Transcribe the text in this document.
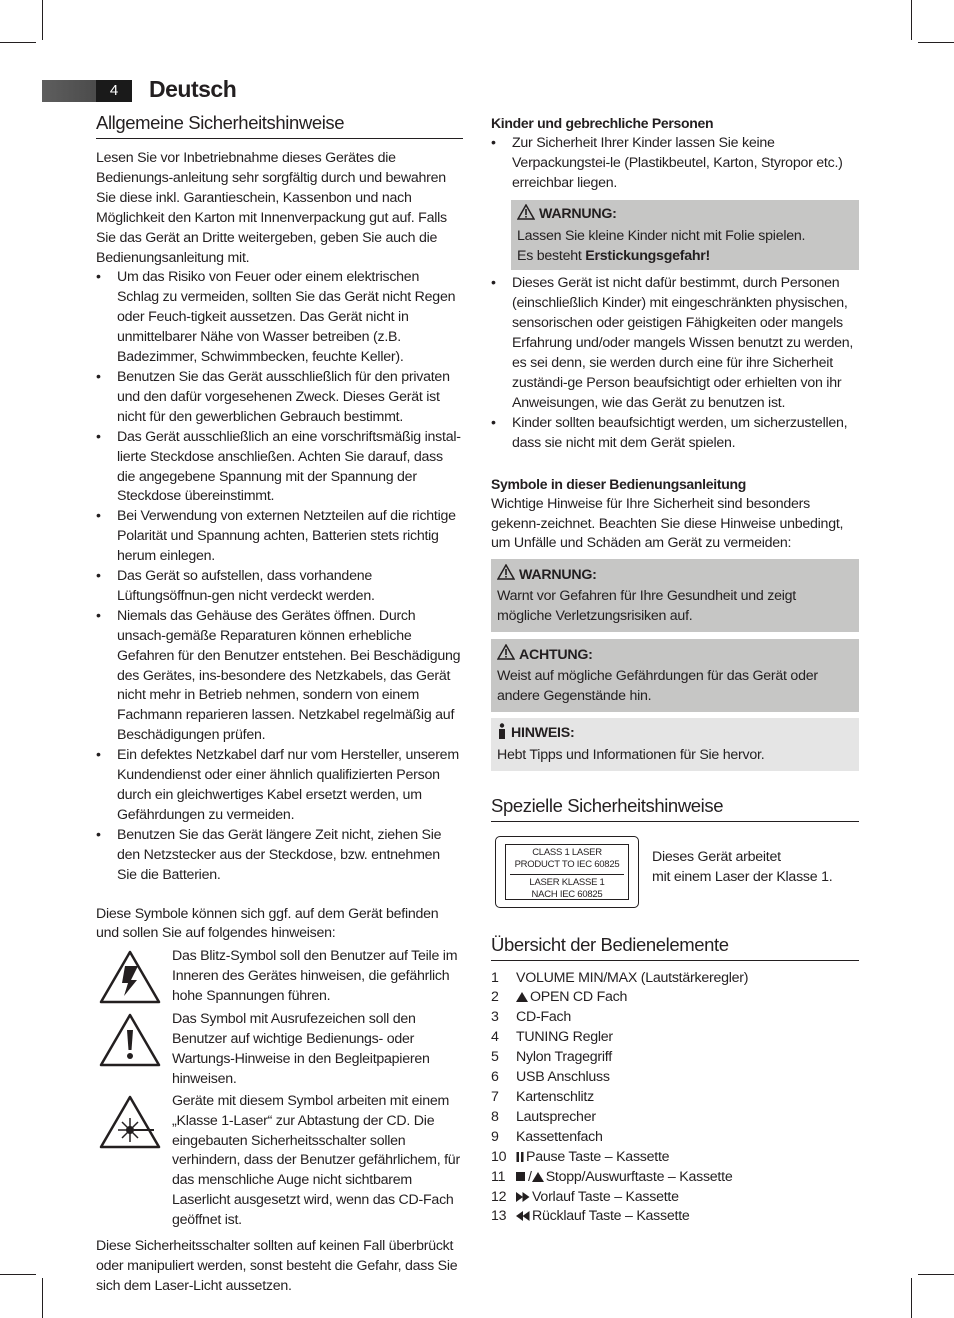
4	Deutsch
Allgemeine Sicherheitshinweise

Lesen Sie vor Inbetriebnahme dieses Gerätes die Bedienungs-anleitung sehr sorgfältig durch und bewahren Sie diese inkl. Garantieschein, Kassenbon und nach Möglichkeit den Karton mit Innenverpackung gut auf. Falls Sie das Gerät an Dritte weitergeben, geben Sie auch die Bedienungsanleitung mit.

• Um das Risiko von Feuer oder einem elektrischen Schlag zu vermeiden, sollten Sie das Gerät nicht Regen oder Feuch-tigkeit aussetzen. Das Gerät nicht in unmittelbarer Nähe von Wasser betreiben (z.B. Badezimmer, Schwimmbecken, feuchte Keller).
• Benutzen Sie das Gerät ausschließlich für den privaten und den dafür vorgesehenen Zweck. Dieses Gerät ist nicht für den gewerblichen Gebrauch bestimmt.
• Das Gerät ausschließlich an eine vorschriftsmäßig instal-lierte Steckdose anschließen. Achten Sie darauf, dass die angegebene Spannung mit der Spannung der Steckdose übereinstimmt.
• Bei Verwendung von externen Netzteilen auf die richtige Polarität und Spannung achten, Batterien stets richtig herum einlegen.
• Das Gerät so aufstellen, dass vorhandene Lüftungsöffnun-gen nicht verdeckt werden.
• Niemals das Gehäuse des Gerätes öffnen. Durch unsach-gemäße Reparaturen können erhebliche Gefahren für den Benutzer entstehen. Bei Beschädigung des Gerätes, ins-besondere des Netzkabels, das Gerät nicht mehr in Betrieb nehmen, sondern von einem Fachmann reparieren lassen. Netzkabel regelmäßig auf Beschädigungen prüfen.
• Ein defektes Netzkabel darf nur vom Hersteller, unserem Kundendienst oder einer ähnlich qualifizierten Person durch ein gleichwertiges Kabel ersetzt werden, um Gefährdungen zu vermeiden.
• Benutzen Sie das Gerät längere Zeit nicht, ziehen Sie den Netzstecker aus der Steckdose, bzw. entnehmen Sie die Batterien.

Diese Symbole können sich ggf. auf dem Gerät befinden und sollen Sie auf folgendes hinweisen:

Das Blitz-Symbol soll den Benutzer auf Teile im Inneren des Gerätes hinweisen, die gefährlich hohe Spannungen führen.

Das Symbol mit Ausrufezeichen soll den Benutzer auf wichtige Bedienungs- oder Wartungs-Hinweise in den Begleitpapieren hinweisen.

Geräte mit diesem Symbol arbeiten mit einem „Klasse 1-Laser“ zur Abtastung der CD. Die eingebauten Sicherheitsschalter sollen verhindern, dass der Benutzer gefährlichem, für das menschliche Auge nicht sichtbarem Laserlicht ausgesetzt wird, wenn das CD-Fach geöffnet ist.

Diese Sicherheitsschalter sollten auf keinen Fall überbrückt oder manipuliert werden, sonst besteht die Gefahr, dass Sie sich dem Laser-Licht aussetzen.

Kinder und gebrechliche Personen
• Zur Sicherheit Ihrer Kinder lassen Sie keine Verpackungstei-le (Plastikbeutel, Karton, Styropor etc.) erreichbar liegen.
WARNUNG:
Lassen Sie kleine Kinder nicht mit Folie spielen.
Es besteht Erstickungsgefahr!
• Dieses Gerät ist nicht dafür bestimmt, durch Personen (einschließlich Kinder) mit eingeschränkten physischen, sensorischen oder geistigen Fähigkeiten oder mangels Erfahrung und/oder mangels Wissen benutzt zu werden, es sei denn, sie werden durch eine für ihre Sicherheit zuständi-ge Person beaufsichtigt oder erhielten von ihr Anweisungen, wie das Gerät zu benutzen ist.
• Kinder sollten beaufsichtigt werden, um sicherzustellen, dass sie nicht mit dem Gerät spielen.
Symbole in dieser Bedienungsanleitung

Wichtige Hinweise für Ihre Sicherheit sind besonders gekenn-zeichnet. Beachten Sie diese Hinweise unbedingt, um Unfälle und Schäden am Gerät zu vermeiden:

WARNUNG:
Warnt vor Gefahren für Ihre Gesundheit und zeigt mögliche Verletzungsrisiken auf.
ACHTUNG:
Weist auf mögliche Gefährdungen für das Gerät oder andere Gegenstände hin.
HINWEIS:
Hebt Tipps und Informationen für Sie hervor.
Spezielle Sicherheitshinweise
CLASS 1 LASER
PRODUCT TO IEC 60825
LASER KLASSE 1
NACH IEC 60825
Dieses Gerät arbeitet
mit einem Laser der Klasse 1.
Übersicht der Bedienelemente
1	VOLUME MIN/MAX (Lautstärkeregler)
2	OPEN CD Fach
3	CD-Fach
4	TUNING Regler
5	Nylon Tragegriff
6	USB Anschluss
7	Kartenschlitz
8	Lautsprecher
9	Kassettenfach
10	Pause Taste – Kassette
11	/ Stopp/Auswurftaste – Kassette
12	Vorlauf Taste – Kassette
13	Rücklauf Taste – Kassette
